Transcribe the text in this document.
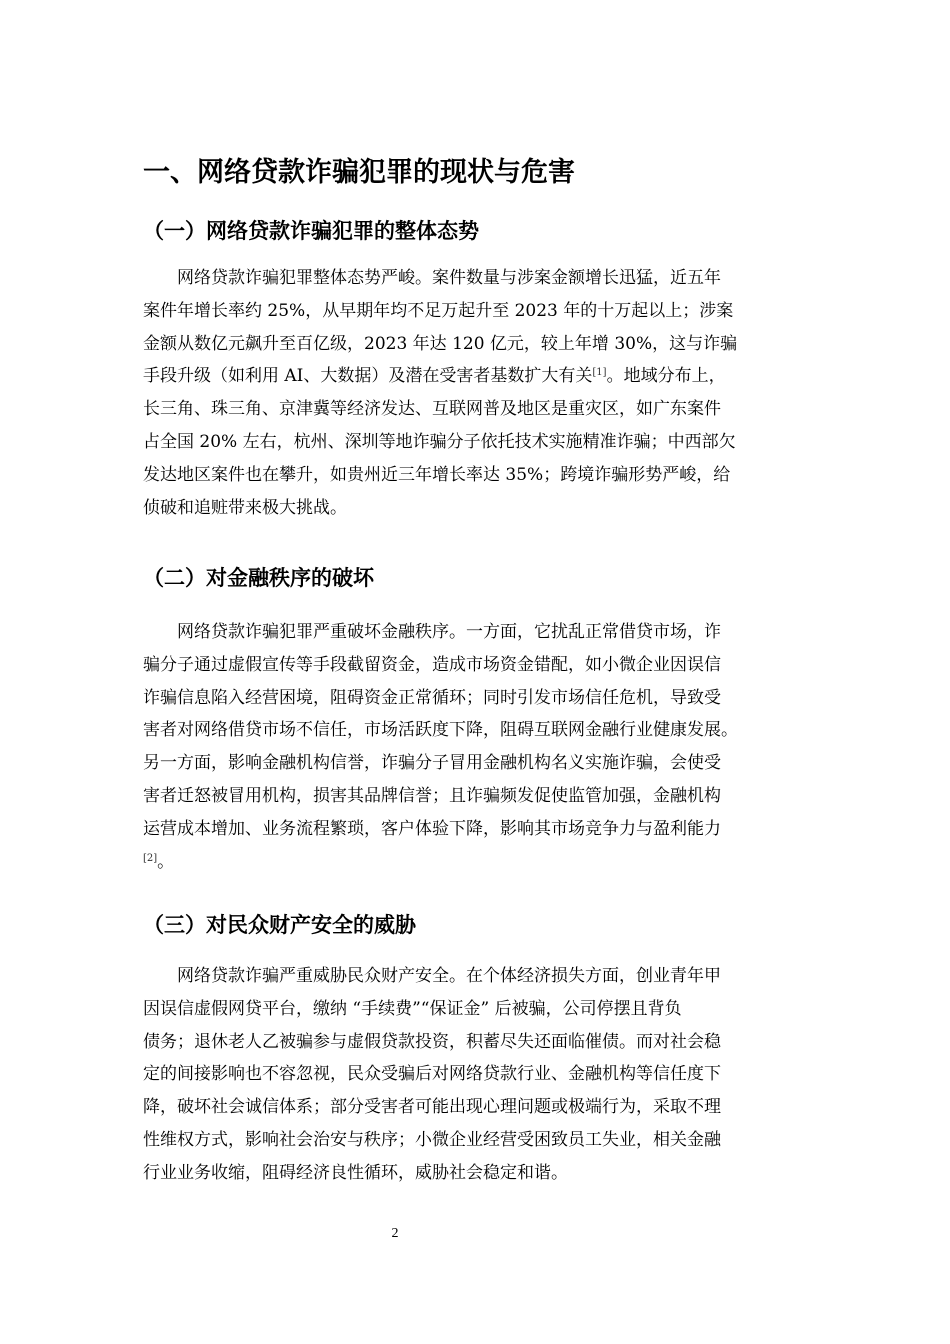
一、网络贷款诈骗犯罪的现状与危害
（一）网络贷款诈骗犯罪的整体态势
网络贷款诈骗犯罪整体态势严峻。案件数量与涉案金额增长迅猛，近五年
案件年增长率约 25%，从早期年均不足万起升至 2023 年的十万起以上；涉案
金额从数亿元飙升至百亿级，2023 年达 120 亿元，较上年增 30%，这与诈骗
手段升级（如利用 AI、大数据）及潜在受害者基数扩大有关[1]。地域分布上，
长三角、珠三角、京津冀等经济发达、互联网普及地区是重灾区，如广东案件
占全国 20% 左右，杭州、深圳等地诈骗分子依托技术实施精准诈骗；中西部欠
发达地区案件也在攀升，如贵州近三年增长率达 35%；跨境诈骗形势严峻，给
侦破和追赃带来极大挑战。
（二）对金融秩序的破坏
网络贷款诈骗犯罪严重破坏金融秩序。一方面，它扰乱正常借贷市场，诈
骗分子通过虚假宣传等手段截留资金，造成市场资金错配，如小微企业因误信
诈骗信息陷入经营困境，阻碍资金正常循环；同时引发市场信任危机，导致受
害者对网络借贷市场不信任，市场活跃度下降，阻碍互联网金融行业健康发展。
另一方面，影响金融机构信誉，诈骗分子冒用金融机构名义实施诈骗，会使受
害者迁怒被冒用机构，损害其品牌信誉；且诈骗频发促使监管加强，金融机构
运营成本增加、业务流程繁琐，客户体验下降，影响其市场竞争力与盈利能力
[2]。
（三）对民众财产安全的威胁
网络贷款诈骗严重威胁民众财产安全。在个体经济损失方面，创业青年甲
因误信虚假网贷平台，缴纳 “手续费”“保证金” 后被骗，公司停摆且背负
债务；退休老人乙被骗参与虚假贷款投资，积蓄尽失还面临催债。而对社会稳
定的间接影响也不容忽视，民众受骗后对网络贷款行业、金融机构等信任度下
降，破坏社会诚信体系；部分受害者可能出现心理问题或极端行为，采取不理
性维权方式，影响社会治安与秩序；小微企业经营受困致员工失业，相关金融
行业业务收缩，阻碍经济良性循环，威胁社会稳定和谐。
2
